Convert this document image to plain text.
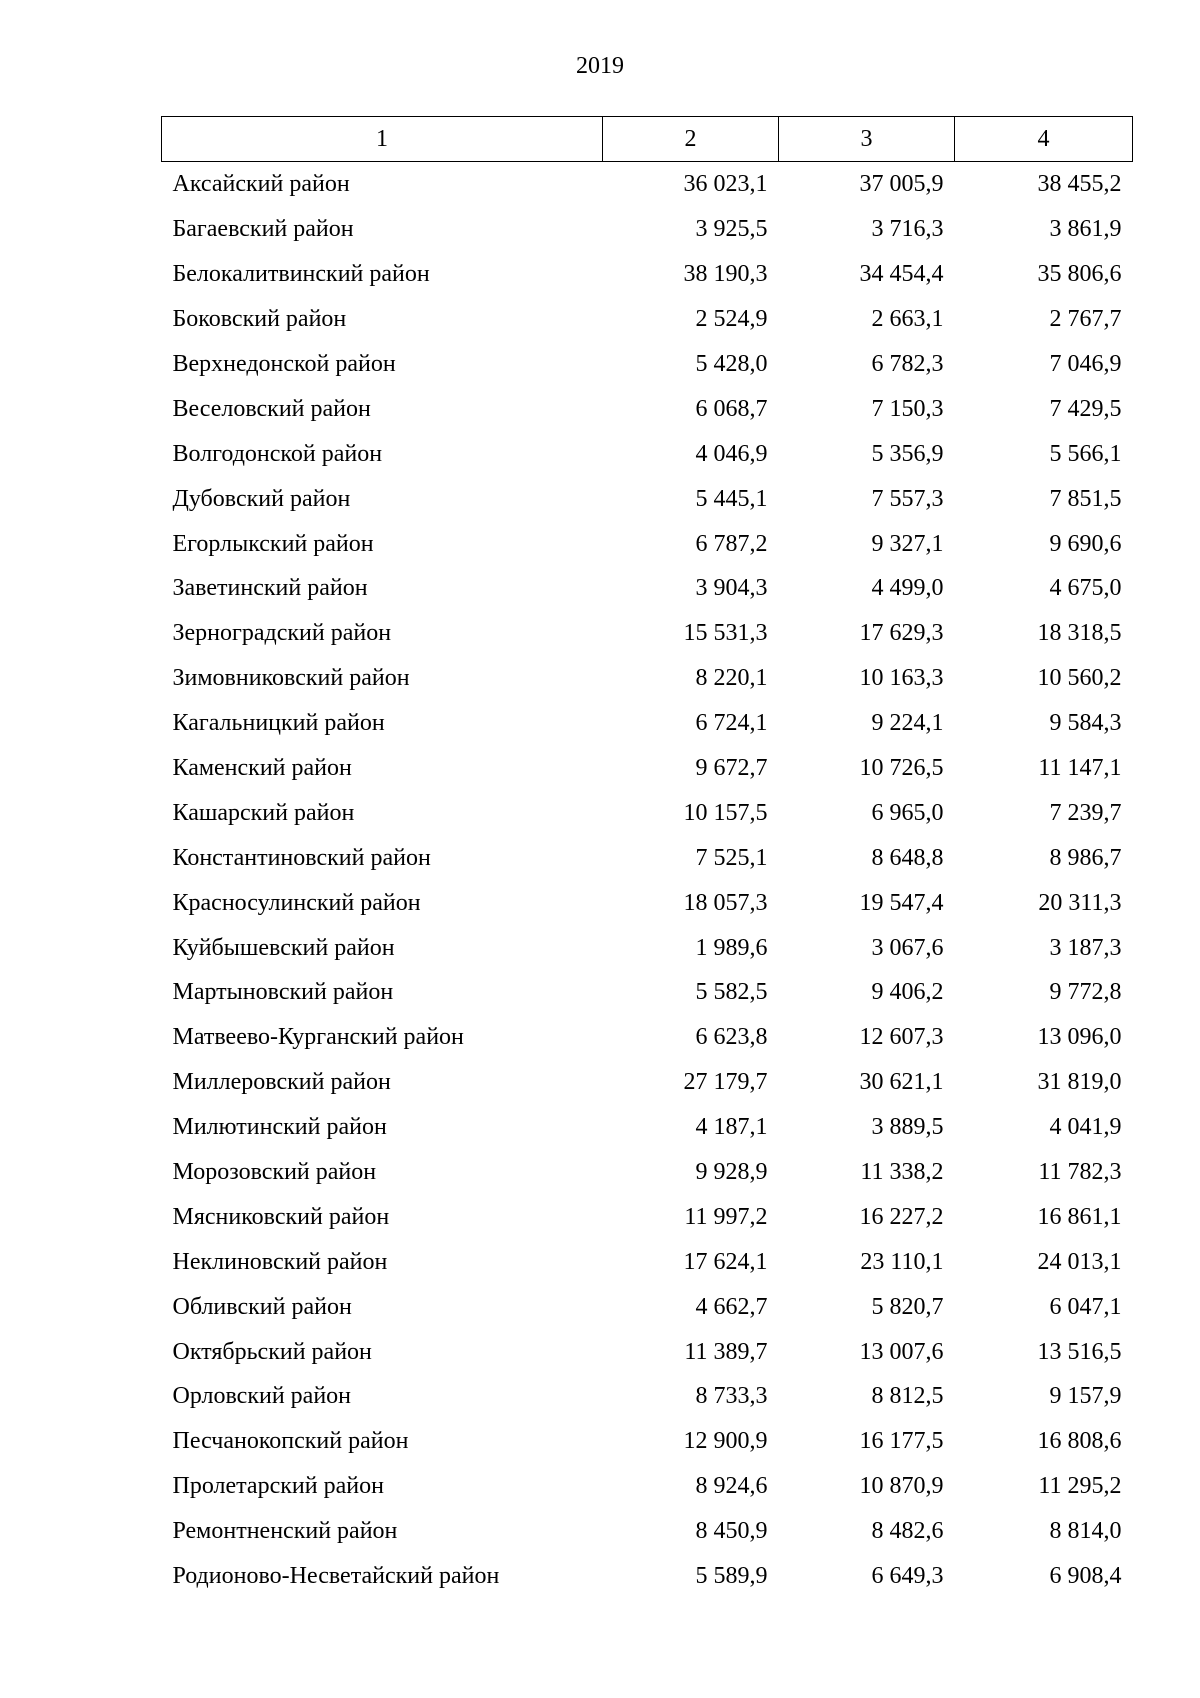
2019
1	2	3	4
Аксайский район	36 023,1	37 005,9	38 455,2
Багаевский район	3 925,5	3 716,3	3 861,9
Белокалитвинский район	38 190,3	34 454,4	35 806,6
Боковский район	2 524,9	2 663,1	2 767,7
Верхнедонской район	5 428,0	6 782,3	7 046,9
Веселовский район	6 068,7	7 150,3	7 429,5
Волгодонской район	4 046,9	5 356,9	5 566,1
Дубовский район	5 445,1	7 557,3	7 851,5
Егорлыкский район	6 787,2	9 327,1	9 690,6
Заветинский район	3 904,3	4 499,0	4 675,0
Зерноградский район	15 531,3	17 629,3	18 318,5
Зимовниковский район	8 220,1	10 163,3	10 560,2
Кагальницкий район	6 724,1	9 224,1	9 584,3
Каменский район	9 672,7	10 726,5	11 147,1
Кашарский район	10 157,5	6 965,0	7 239,7
Константиновский район	7 525,1	8 648,8	8 986,7
Красносулинский район	18 057,3	19 547,4	20 311,3
Куйбышевский район	1 989,6	3 067,6	3 187,3
Мартыновский район	5 582,5	9 406,2	9 772,8
Матвеево-Курганский район	6 623,8	12 607,3	13 096,0
Миллеровский район	27 179,7	30 621,1	31 819,0
Милютинский район	4 187,1	3 889,5	4 041,9
Морозовский район	9 928,9	11 338,2	11 782,3
Мясниковский район	11 997,2	16 227,2	16 861,1
Неклиновский район	17 624,1	23 110,1	24 013,1
Обливский район	4 662,7	5 820,7	6 047,1
Октябрьский район	11 389,7	13 007,6	13 516,5
Орловский район	8 733,3	8 812,5	9 157,9
Песчанокопский район	12 900,9	16 177,5	16 808,6
Пролетарский район	8 924,6	10 870,9	11 295,2
Ремонтненский район	8 450,9	8 482,6	8 814,0
Родионово-Несветайский район	5 589,9	6 649,3	6 908,4
